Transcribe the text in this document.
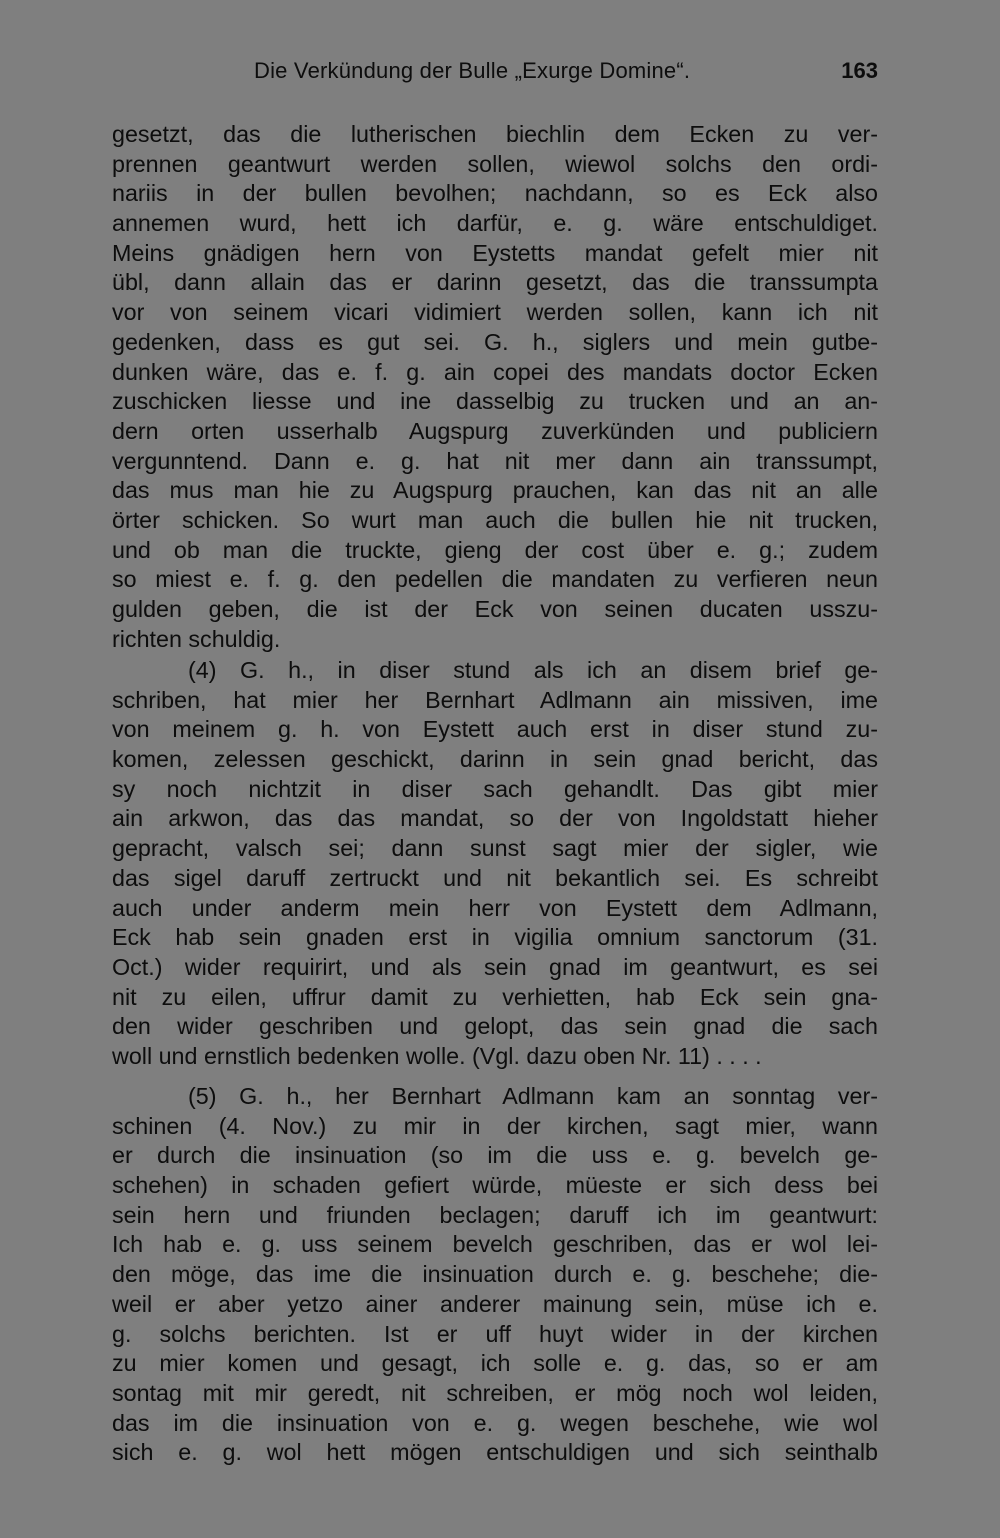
Die Verkündung der Bulle „Exurge Domine“.	163
gesetzt, das die lutherischen biechlin dem Ecken zu ver-
prennen geantwurt werden sollen, wiewol solchs den ordi-
nariis in der bullen bevolhen; nachdann, so es Eck also
annemen wurd, hett ich darfür, e. g. wäre entschuldiget.
Meins gnädigen hern von Eystetts mandat gefelt mier nit
übl, dann allain das er darinn gesetzt, das die transsumpta
vor von seinem vicari vidimiert werden sollen, kann ich nit
gedenken, dass es gut sei. G. h., siglers und mein gutbe-
dunken wäre, das e. f. g. ain copei des mandats doctor Ecken
zuschicken liesse und ine dasselbig zu trucken und an an-
dern orten usserhalb Augspurg zuverkünden und publiciern
vergunntend. Dann e. g. hat nit mer dann ain transsumpt,
das mus man hie zu Augspurg prauchen, kan das nit an alle
örter schicken. So wurt man auch die bullen hie nit trucken,
und ob man die truckte, gieng der cost über e. g.; zudem
so miest e. f. g. den pedellen die mandaten zu verfieren neun
gulden geben, die ist der Eck von seinen ducaten usszu-
richten schuldig.
(4) G. h., in diser stund als ich an disem brief ge-
schriben, hat mier her Bernhart Adlmann ain missiven, ime
von meinem g. h. von Eystett auch erst in diser stund zu-
komen, zelessen geschickt, darinn in sein gnad bericht, das
sy noch nichtzit in diser sach gehandlt. Das gibt mier
ain arkwon, das das mandat, so der von Ingoldstatt hieher
gepracht, valsch sei; dann sunst sagt mier der sigler, wie
das sigel daruff zertruckt und nit bekantlich sei. Es schreibt
auch under anderm mein herr von Eystett dem Adlmann,
Eck hab sein gnaden erst in vigilia omnium sanctorum (31.
Oct.) wider requirirt, und als sein gnad im geantwurt, es sei
nit zu eilen, uffrur damit zu verhietten, hab Eck sein gna-
den wider geschriben und gelopt, das sein gnad die sach
woll und ernstlich bedenken wolle. (Vgl. dazu oben Nr. 11) . . . .
(5) G. h., her Bernhart Adlmann kam an sonntag ver-
schinen (4. Nov.) zu mir in der kirchen, sagt mier, wann
er durch die insinuation (so im die uss e. g. bevelch ge-
schehen) in schaden gefiert würde, müeste er sich dess bei
sein hern und friunden beclagen; daruff ich im geantwurt:
Ich hab e. g. uss seinem bevelch geschriben, das er wol lei-
den möge, das ime die insinuation durch e. g. beschehe; die-
weil er aber yetzo ainer anderer mainung sein, müse ich e.
g. solchs berichten. Ist er uff huyt wider in der kirchen
zu mier komen und gesagt, ich solle e. g. das, so er am
sontag mit mir geredt, nit schreiben, er mög noch wol leiden,
das im die insinuation von e. g. wegen beschehe, wie wol
sich e. g. wol hett mögen entschuldigen und sich seinthalb
